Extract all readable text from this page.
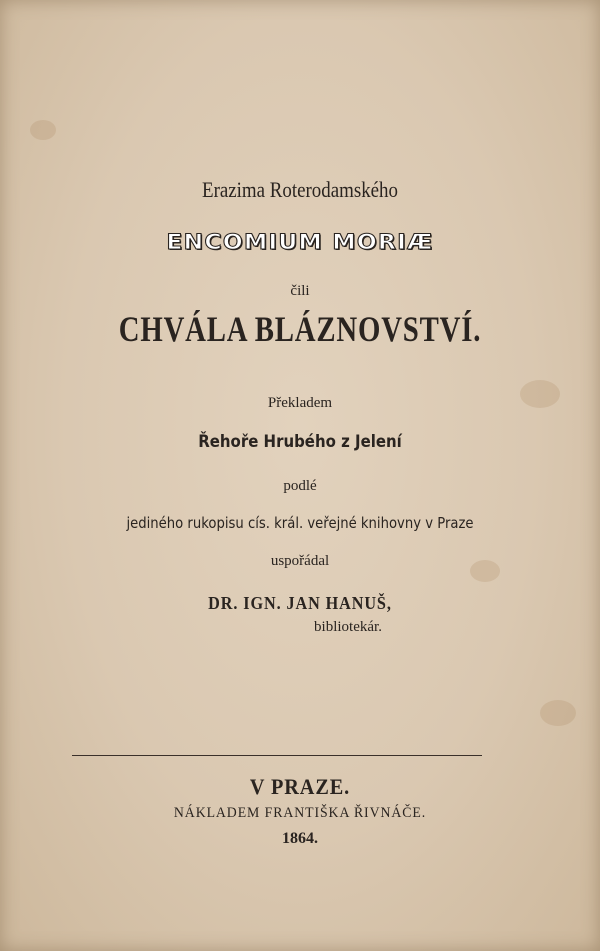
Erazima Roterodamského
ENCOMIUM MORIÆ
čili
CHVÁLA BLÁZNOVSTVÍ.
Překladem
Řehoře Hrubého z Jelení
podlé
jediného rukopisu cís. král. veřejné knihovny v Praze
uspořádal
DR. IGN. JAN HANUŠ,
bibliotekár.
V PRAZE.
NÁKLADEM FRANTIŠKA ŘIVNÁČE.
1864.
